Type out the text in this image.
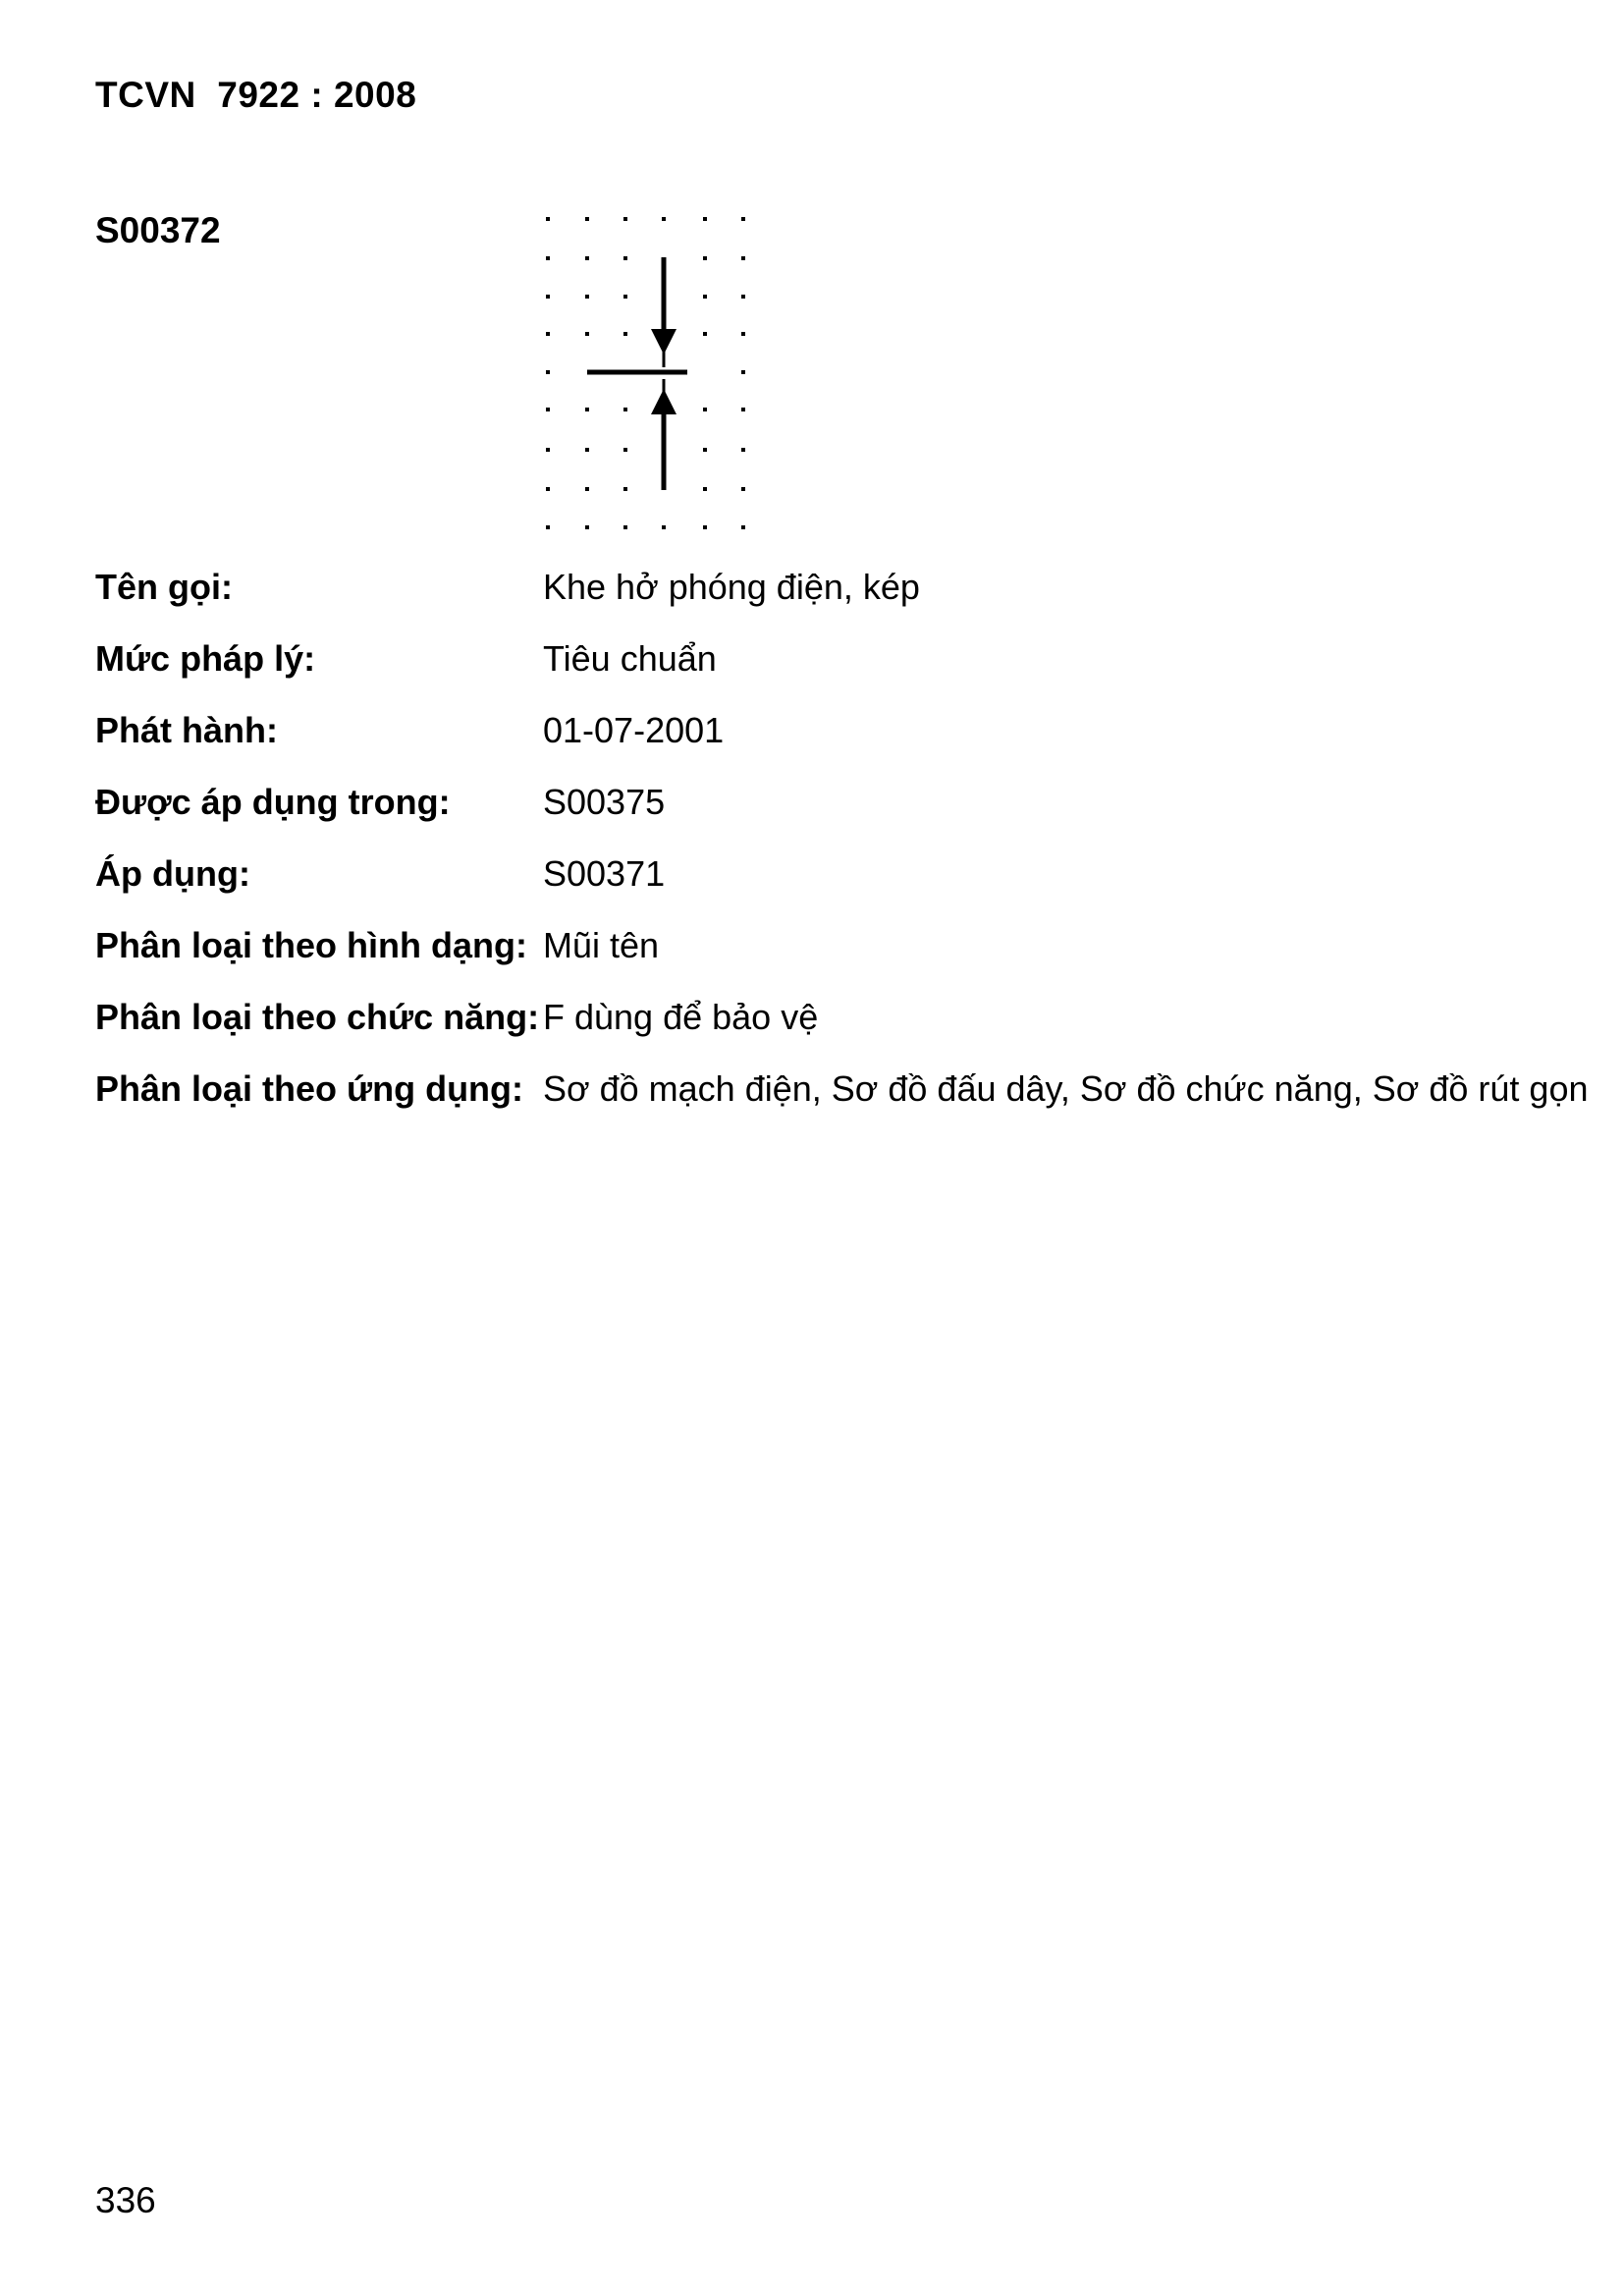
TCVN  7922 : 2008
S00372
Tên gọi:	Khe hở phóng điện, kép
Mức pháp lý:	Tiêu chuẩn
Phát hành:	01-07-2001
Được áp dụng trong:	S00375
Áp dụng:	S00371
Phân loại theo hình dạng: Mũi tên
Phân loại theo chức năng: F dùng để bảo vệ
Phân loại theo ứng dụng: Sơ đồ mạch điện, Sơ đồ đấu dây, Sơ đồ chức năng, Sơ đồ rút gọn
336
